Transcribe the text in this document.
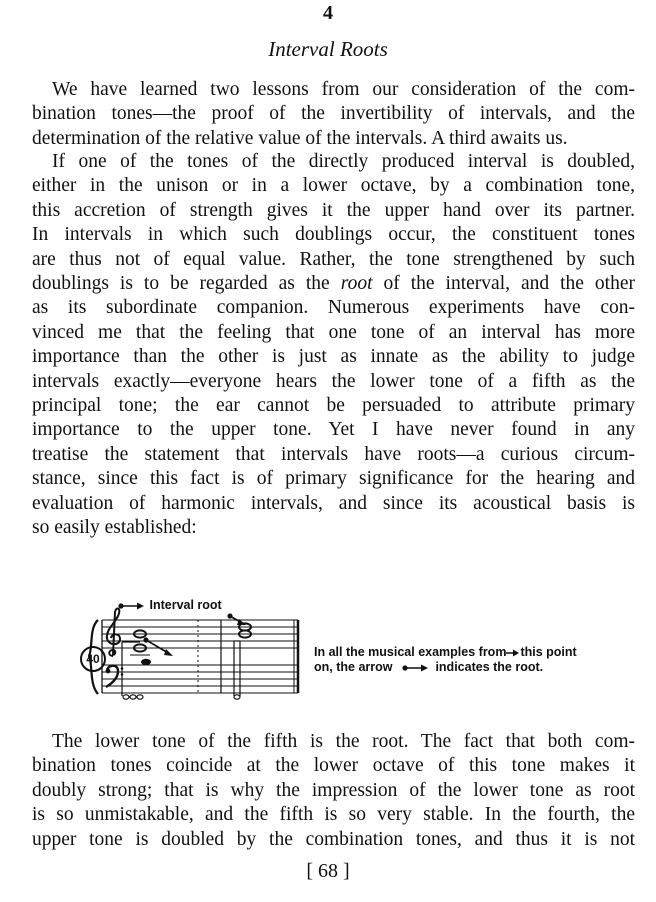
4
Interval Roots
We have learned two lessons from our consideration of the com-
bination tones—the proof of the invertibility of intervals, and the
determination of the relative value of the intervals. A third awaits us.
If one of the tones of the directly produced interval is doubled,
either in the unison or in a lower octave, by a combination tone,
this accretion of strength gives it the upper hand over its partner.
In intervals in which such doublings occur, the constituent tones
are thus not of equal value. Rather, the tone strengthened by such
doublings is to be regarded as the root of the interval, and the other
as its subordinate companion. Numerous experiments have con-
vinced me that the feeling that one tone of an interval has more
importance than the other is just as innate as the ability to judge
intervals exactly—everyone hears the lower tone of a fifth as the
principal tone; the ear cannot be persuaded to attribute primary
importance to the upper tone. Yet I have never found in any
treatise the statement that intervals have roots—a curious circum-
stance, since this fact is of primary significance for the hearing and
evaluation of harmonic intervals, and since its acoustical basis is
so easily established:
40
Interval root
In all the musical examples from this point
on, the arrow	indicates the root.
The lower tone of the fifth is the root. The fact that both com-
bination tones coincide at the lower octave of this tone makes it
doubly strong; that is why the impression of the lower tone as root
is so unmistakable, and the fifth is so very stable. In the fourth, the
upper tone is doubled by the combination tones, and thus it is not
[ 68 ]
